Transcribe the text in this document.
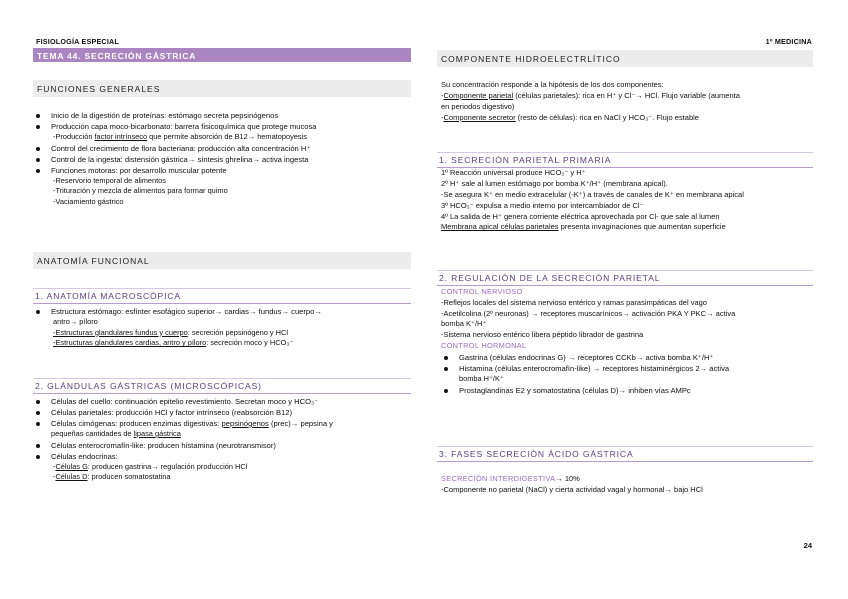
FISIOLOGÍA ESPECIAL	1º MEDICINA
TEMA 44. SECRECIÓN GÁSTRICA
FUNCIONES GENERALES
Inicio de la digestión de proteínas: estómago secreta pepsinógenos
Producción capa moco-bicarbonato: barrera fisicoquímica que protege mucosa
-Producción factor intrínseco que permite absorción de B12→ hematopoyesis
Control del crecimiento de flora bacteriana: producción alta concentración H⁺
Control de la ingesta: distensión gástrica→ síntesis ghrelina→ activa ingesta
Funciones motoras: por desarrollo muscular potente
-Reservorio temporal de alimentos
-Trituración y mezcla de alimentos para formar quimo
-Vaciamiento gástrico
ANATOMÍA FUNCIONAL
1. ANATOMÍA MACROSCÓPICA
Estructura estómago: esfínter esofágico superior→ cardias→ fundus→ cuerpo→
antro→ píloro
-Estructuras glandulares fundus y cuerpo: secreción pepsinógeno y HCl
-Estructuras glandulares cardias, antro y píloro: secreción moco y HCO₃⁻
2. GLÁNDULAS GÁSTRICAS (MICROSCÓPICAS)
Células del cuello: continuación epitelio revestimiento. Secretan moco y HCO₃⁻
Células parietales: producción HCl y factor intrínseco (reabsorción B12)
Células cimógenas: producen enzimas digestivas: pepsinógenos (prec)→ pepsina y
pequeñas cantidades de lipasa gástrica
Células enterocromafín-like: producen histamina (neurotransmisor)
Células endocrinas:
-Células G: producen gastrina→ regulación producción HCl
-Células D: producen somatostatina
COMPONENTE HIDROELECTRLÍTICO
Su concentración responde a la hipótesis de los dos componentes:
-Componente parietal (células parietales): rica en H⁺ y Cl⁻→ HCl. Flujo variable (aumenta
en periodos digestivo)
-Componente secretor (resto de células): rica en NaCl y HCO₃⁻. Flujo estable
1. SECRECIÓN PARIETAL PRIMARIA
1º Reacción universal produce HCO₃⁻ y H⁺
2º H⁺ sale al lumen estómago por bomba K⁺/H⁺ (membrana apical).
-Se asegura K⁺ en medio extracelular (-K⁺) a través de canales de K⁺ en membrana apical
3º HCO₃⁻ expulsa a medio interno por intercambiador de Cl⁻
4º La salida de H⁺ genera corriente eléctrica aprovechada por Cl- que sale al lumen
Membrana apical células parietales presenta invaginaciones que aumentan superficie
2. REGULACIÓN DE LA SECRECIÓN PARIETAL
CONTROL NERVIOSO
-Reflejos locales del sistema nervioso entérico y ramas parasimpáticas del vago
-Acetilcolina (2º neuronas) → receptores muscarínicos→ activación PKA Y PKC→ activa
bomba K⁺/H⁺
-Sistema nervioso entérico libera péptido librador de gastrina
CONTROL HORMONAL
Gastrina (células endocrinas G) → receptores CCKb→ activa bomba K⁺/H⁺
Histamina (células enterocromafín-like) → receptores histaminérgicos 2→ activa
bomba H⁺/K⁺
Prostaglandinas E2 y somatostatina (células D)→ inhiben vías AMPc
3. FASES SECRECIÓN ÁCIDO GÁSTRICA
SECRECIÓN INTERDIGESTIVA→ 10%
-Componente no parietal (NaCl) y cierta actividad vagal y hormonal→ bajo HCl
24
